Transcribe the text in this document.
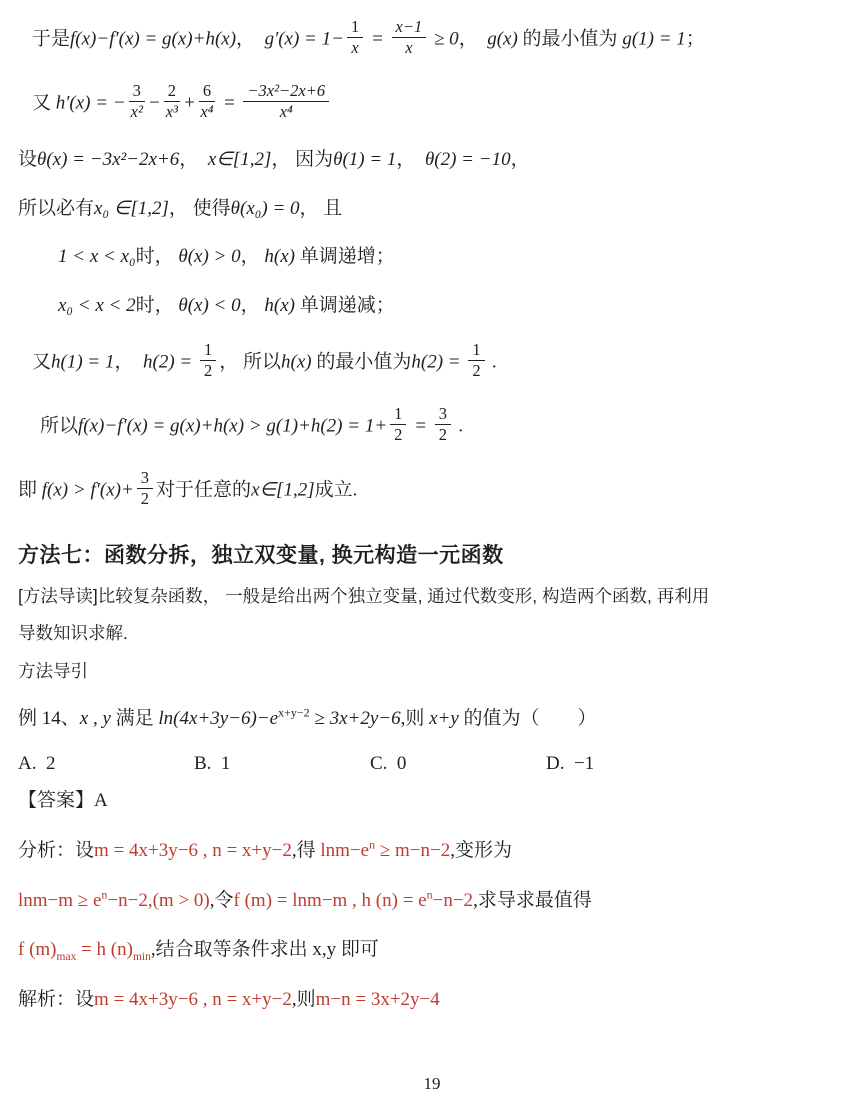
于是f(x)−f′(x) = g(x)+h(x)，  $g'(x) = 1- \frac{1}{x} = \frac{x-1}{x} \ge 0$，  g(x) 的最小值为 g(1) = 1；
又 h′(x) = − $\frac{3}{\text{x²}} - \frac{2}{\text{x³}} + \frac{6}{\text{x⁴}} = \frac{\text{−3x²−2x+6}}{\text{x⁴}}$
设θ(x) = −3x²−2x+6，  x∈[1,2]， 因为θ(1) = 1，  θ(2) = −10，
所以必有x₀ ∈[1,2]， 使得θ(x₀) = 0， 且
1 < x < x₀时， θ(x) > 0， h(x) 单调递增；
x₀ < x < 2时， θ(x) < 0， h(x) 单调递减；
又h(1) = 1，  $h(2) = \frac{1}{2}$ ， 所以h(x) 的最小值为$h(2) = \frac{1}{2}$ .
所以$f(x)-f'(x) = g(x)+h(x) > g(1)+h(2) = 1+ \frac{1}{2} = \frac{3}{2}$ .
即 $f(x) > f'(x)+ \frac{3}{2}$ 对于任意的x∈[1,2]成立.
方法七：函数分拆，独立双变量, 换元构造一元函数
[方法导读]比较复杂函数， 一般是给出两个独立变量, 通过代数变形, 构造两个函数, 再利用
导数知识求解.
方法导引
例 14、x , y 满足 $\ln(4x+3y-6)-e^{x+y-2} \ge 3x+2y-6$,则 x+y 的值为（　　）
A.  2	B.  1	C.  0	D.  −1
【答案】A
分析：设m = 4x+3y−6 , n = x+y−2,得 $\ln m-e^n \ge m-n-2$,变形为
$\ln m-m \ge e^n-n-2,(m > 0)$,令f (m) = lnm−m , h $(n) = e^n-n-2$,求导求最值得
f $(m)_{max} = h$ $(n)_{min}$,结合取等条件求出 x,y 即可
解析：设m = 4x+3y−6 , n = x+y−2,则m−n = 3x+2y−4
19
